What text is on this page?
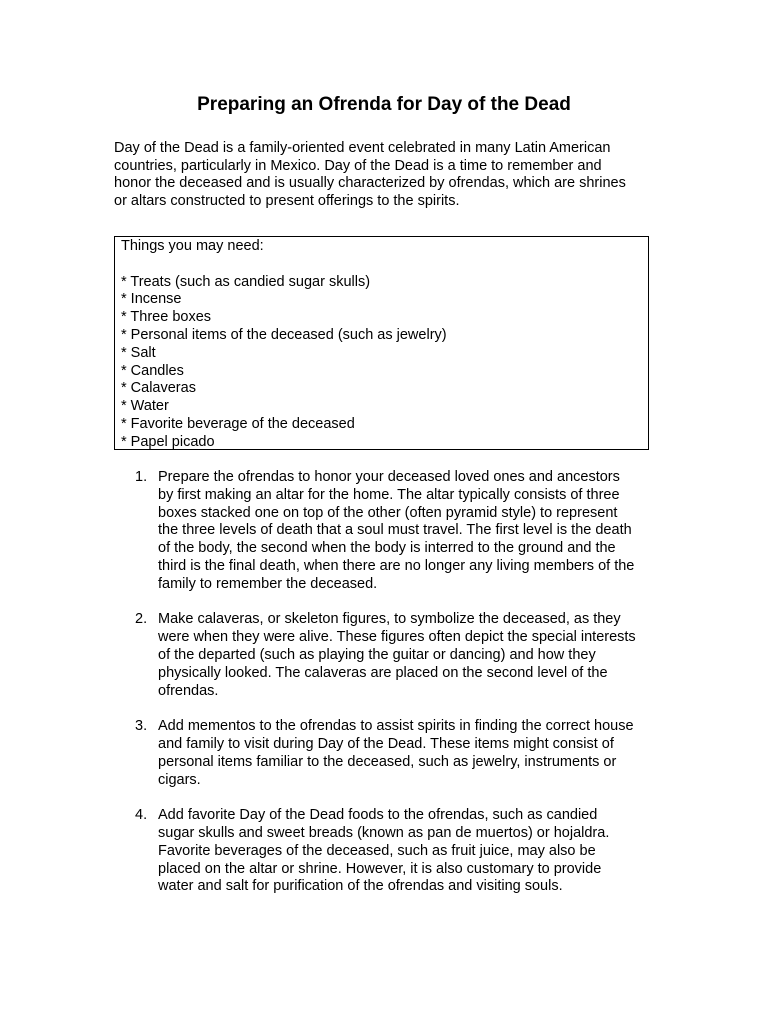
Preparing an Ofrenda for Day of the Dead

Day of the Dead is a family-oriented event celebrated in many Latin American
countries, particularly in Mexico. Day of the Dead is a time to remember and
honor the deceased and is usually characterized by ofrendas, which are shrines
or altars constructed to present offerings to the spirits.

Things you may need:
* Treats (such as candied sugar skulls)
* Incense
* Three boxes
* Personal items of the deceased (such as jewelry)
* Salt
* Candles
* Calaveras
* Water
* Favorite beverage of the deceased
* Papel picado
1. Prepare the ofrendas to honor your deceased loved ones and ancestors
by first making an altar for the home. The altar typically consists of three
boxes stacked one on top of the other (often pyramid style) to represent
the three levels of death that a soul must travel. The first level is the death
of the body, the second when the body is interred to the ground and the
third is the final death, when there are no longer any living members of the
family to remember the deceased.
2. Make calaveras, or skeleton figures, to symbolize the deceased, as they
were when they were alive. These figures often depict the special interests
of the departed (such as playing the guitar or dancing) and how they
physically looked. The calaveras are placed on the second level of the
ofrendas.
3. Add mementos to the ofrendas to assist spirits in finding the correct house
and family to visit during Day of the Dead. These items might consist of
personal items familiar to the deceased, such as jewelry, instruments or
cigars.
4. Add favorite Day of the Dead foods to the ofrendas, such as candied
sugar skulls and sweet breads (known as pan de muertos) or hojaldra.
Favorite beverages of the deceased, such as fruit juice, may also be
placed on the altar or shrine. However, it is also customary to provide
water and salt for purification of the ofrendas and visiting souls.
